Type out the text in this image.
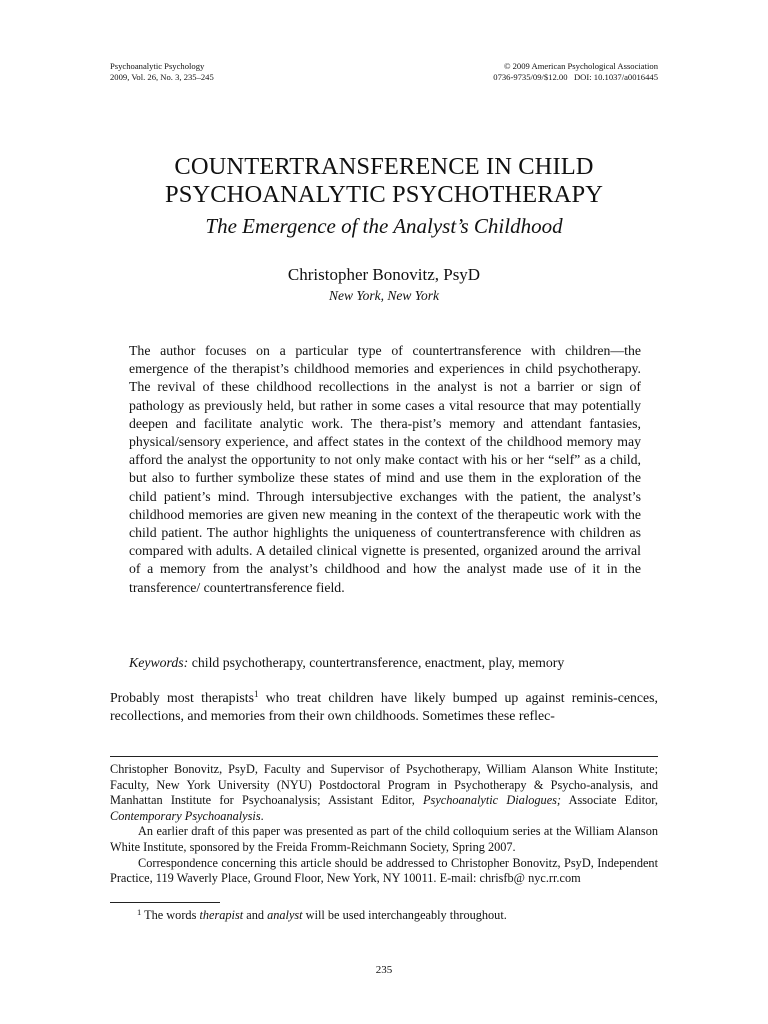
Psychoanalytic Psychology
2009, Vol. 26, No. 3, 235–245
© 2009 American Psychological Association
0736-9735/09/$12.00   DOI: 10.1037/a0016445
COUNTERTRANSFERENCE IN CHILD
PSYCHOANALYTIC PSYCHOTHERAPY
The Emergence of the Analyst’s Childhood
Christopher Bonovitz, PsyD
New York, New York

The author focuses on a particular type of countertransference with children—the emergence of the therapist’s childhood memories and experiences in child psychotherapy. The revival of these childhood recollections in the analyst is not a barrier or sign of pathology as previously held, but rather in some cases a vital resource that may potentially deepen and facilitate analytic work. The thera-pist’s memory and attendant fantasies, physical/sensory experience, and affect states in the context of the childhood memory may afford the analyst the opportunity to not only make contact with his or her “self” as a child, but also to further symbolize these states of mind and use them in the exploration of the child patient’s mind. Through intersubjective exchanges with the patient, the analyst’s childhood memories are given new meaning in the context of the therapeutic work with the child patient. The author highlights the uniqueness of countertransference with children as compared with adults. A detailed clinical vignette is presented, organized around the arrival of a memory from the analyst’s childhood and how the analyst made use of it in the transference/ countertransference field.

Keywords: child psychotherapy, countertransference, enactment, play, memory

Probably most therapists$^1$ who treat children have likely bumped up against reminis-cences, recollections, and memories from their own childhoods. Sometimes these reflec-

Christopher Bonovitz, PsyD, Faculty and Supervisor of Psychotherapy, William Alanson White Institute; Faculty, New York University (NYU) Postdoctoral Program in Psychotherapy & Psycho-analysis, and Manhattan Institute for Psychoanalysis; Assistant Editor, Psychoanalytic Dialogues; Associate Editor, Contemporary Psychoanalysis.

An earlier draft of this paper was presented as part of the child colloquium series at the William Alanson White Institute, sponsored by the Freida Fromm-Reichmann Society, Spring 2007.

Correspondence concerning this article should be addressed to Christopher Bonovitz, PsyD, Independent Practice, 119 Waverly Place, Ground Floor, New York, NY 10011. E-mail: chrisfb@ nyc.rr.com

$^1$ The words therapist and analyst will be used interchangeably throughout.
235
